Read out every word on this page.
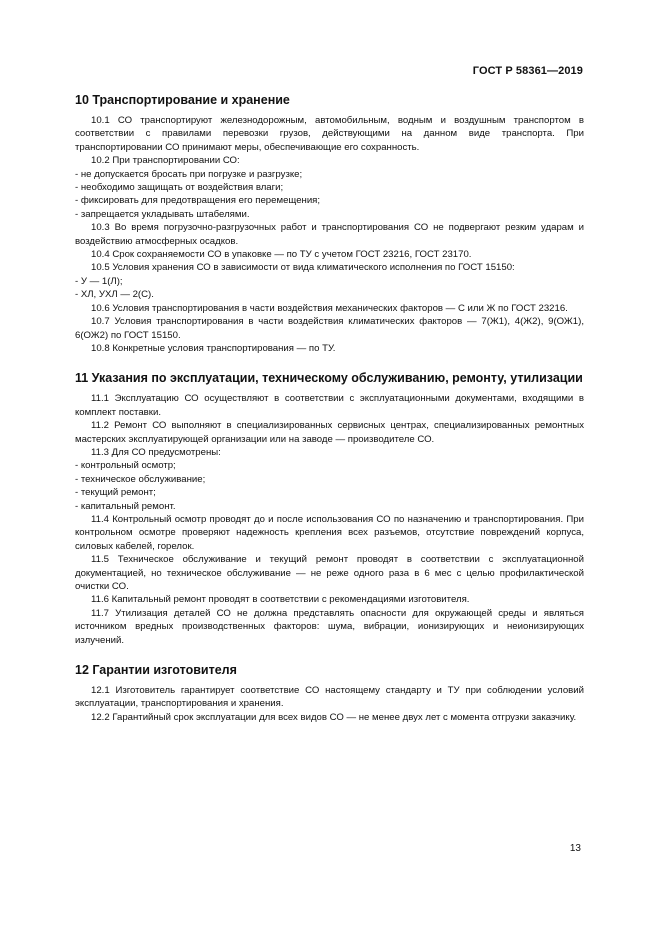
ГОСТ Р 58361—2019
10 Транспортирование и хранение

10.1 СО транспортируют железнодорожным, автомобильным, водным и воздушным транспортом в соответствии с правилами перевозки грузов, действующими на данном виде транспорта. При транспортировании СО принимают меры, обеспечивающие его сохранность.

10.2 При транспортировании СО:

- не допускается бросать при погрузке и разгрузке;

- необходимо защищать от воздействия влаги;

- фиксировать для предотвращения его перемещения;

- запрещается укладывать штабелями.

10.3 Во время погрузочно-разгрузочных работ и транспортирования СО не подвергают резким ударам и воздействию атмосферных осадков.

10.4 Срок сохраняемости СО в упаковке — по ТУ с учетом ГОСТ 23216, ГОСТ 23170.

10.5 Условия хранения СО в зависимости от вида климатического исполнения по ГОСТ 15150:

- У — 1(Л);

- ХЛ, УХЛ — 2(С).

10.6 Условия транспортирования в части воздействия механических факторов — С или Ж по ГОСТ 23216.

10.7 Условия транспортирования в части воздействия климатических факторов — 7(Ж1), 4(Ж2), 9(ОЖ1), 6(ОЖ2) по ГОСТ 15150.

10.8 Конкретные условия транспортирования — по ТУ.

11 Указания по эксплуатации, техническому обслуживанию, ремонту, утилизации

11.1 Эксплуатацию СО осуществляют в соответствии с эксплуатационными документами, входящими в комплект поставки.

11.2 Ремонт СО выполняют в специализированных сервисных центрах, специализированных ремонтных мастерских эксплуатирующей организации или на заводе — производителе СО.

11.3 Для СО предусмотрены:

- контрольный осмотр;

- техническое обслуживание;

- текущий ремонт;

- капитальный ремонт.

11.4 Контрольный осмотр проводят до и после использования СО по назначению и транспортирования. При контрольном осмотре проверяют надежность крепления всех разъемов, отсутствие повреждений корпуса, силовых кабелей, горелок.

11.5 Техническое обслуживание и текущий ремонт проводят в соответствии с эксплуатационной документацией, но техническое обслуживание — не реже одного раза в 6 мес с целью профилактической очистки СО.

11.6 Капитальный ремонт проводят в соответствии с рекомендациями изготовителя.

11.7 Утилизация деталей СО не должна представлять опасности для окружающей среды и являться источником вредных производственных факторов: шума, вибрации, ионизирующих и неионизирующих излучений.

12 Гарантии изготовителя

12.1 Изготовитель гарантирует соответствие СО настоящему стандарту и ТУ при соблюдении условий эксплуатации, транспортирования и хранения.

12.2 Гарантийный срок эксплуатации для всех видов СО — не менее двух лет с момента отгрузки заказчику.

13
